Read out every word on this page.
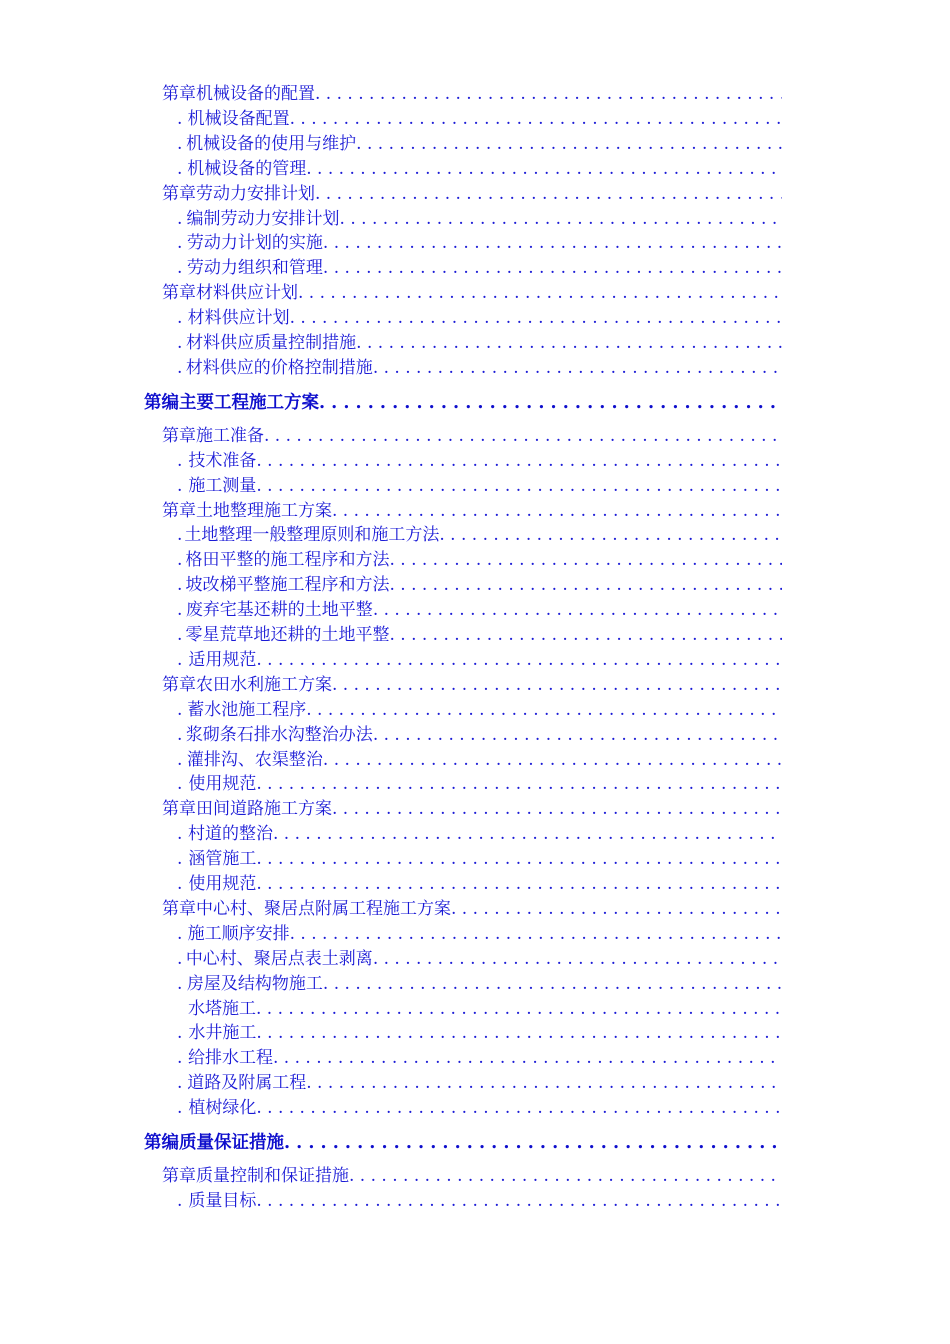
第章 机械设备的配置
. . .
. 机械设备配置
. . .
. 机械设备的使用与维护
. . .
. 机械设备的管理
. . .
第章 劳动力安排计划
. . .
. 编制劳动力安排计划
. . .
. 劳动力计划的实施
. . .
. 劳动力组织和管理
. . .
第章 材料供应计划
. . .
. 材料供应计划
. . .
. 材料供应质量控制措施
. . .
. 材料供应的价格控制措施
. . .
第编 主要工程施工方案
. . .
第章 施工准备
. . .
. 技术准备
. . .
. 施工测量
. . .
第章 土地整理施工方案
. . .
. 土地整理一般整理原则和施工方法
. . .
. 格田平整的施工程序和方法
. . .
. 坡改梯平整施工程序和方法
. . .
. 废弃宅基还耕的土地平整
. . .
. 零星荒草地还耕的土地平整
. . .
. 适用规范
. . .
第章 农田水利施工方案
. . .
. 蓄水池施工程序
. . .
. 浆砌条石排水沟整治办法
. . .
. 灌排沟、农渠整治
. . .
. 使用规范
. . .
第章 田间道路施工方案
. . .
. 村道的整治
. . .
. 涵管施工
. . .
. 使用规范
. . .
第章 中心村、聚居点附属工程施工方案
. . .
. 施工顺序安排
. . .
. 中心村、聚居点表土剥离
. . .
. 房屋及结构物施工
. . .
水塔施工
. . .
. 水井施工
. . .
. 给排水工程
. . .
. 道路及附属工程
. . .
. 植树绿化
. . .
第编 质量保证措施
. . .
第章 质量控制和保证措施
. . .
. 质量目标
. . .
